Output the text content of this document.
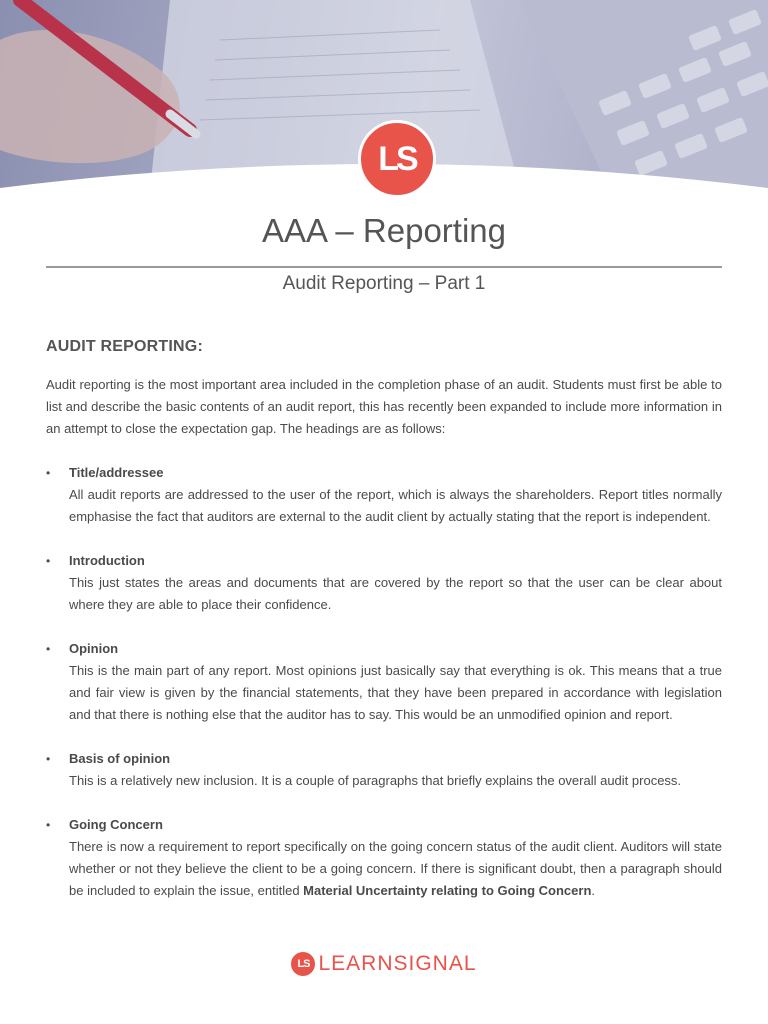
LS
AAA – Reporting
Audit Reporting – Part 1
AUDIT REPORTING:

Audit reporting is the most important area included in the completion phase of an audit. Students must first be able to list and describe the basic contents of an audit report, this has recently been expanded to include more information in an attempt to close the expectation gap. The headings are as follows:

• Title/addressee
All audit reports are addressed to the user of the report, which is always the shareholders. Report titles normally emphasise the fact that auditors are external to the audit client by actually stating that the report is independent.
• Introduction
This just states the areas and documents that are covered by the report so that the user can be clear about where they are able to place their confidence.
• Opinion
This is the main part of any report. Most opinions just basically say that everything is ok. This means that a true and fair view is given by the financial statements, that they have been prepared in accordance with legislation and that there is nothing else that the auditor has to say. This would be an unmodified opinion and report.
• Basis of opinion
This is a relatively new inclusion. It is a couple of paragraphs that briefly explains the overall audit process.
• Going Concern
There is now a requirement to report specifically on the going concern status of the audit client. Auditors will state whether or not they believe the client to be a going concern. If there is significant doubt, then a paragraph should be included to explain the issue, entitled Material Uncertainty relating to Going Concern.
LS LEARN SIGNAL
